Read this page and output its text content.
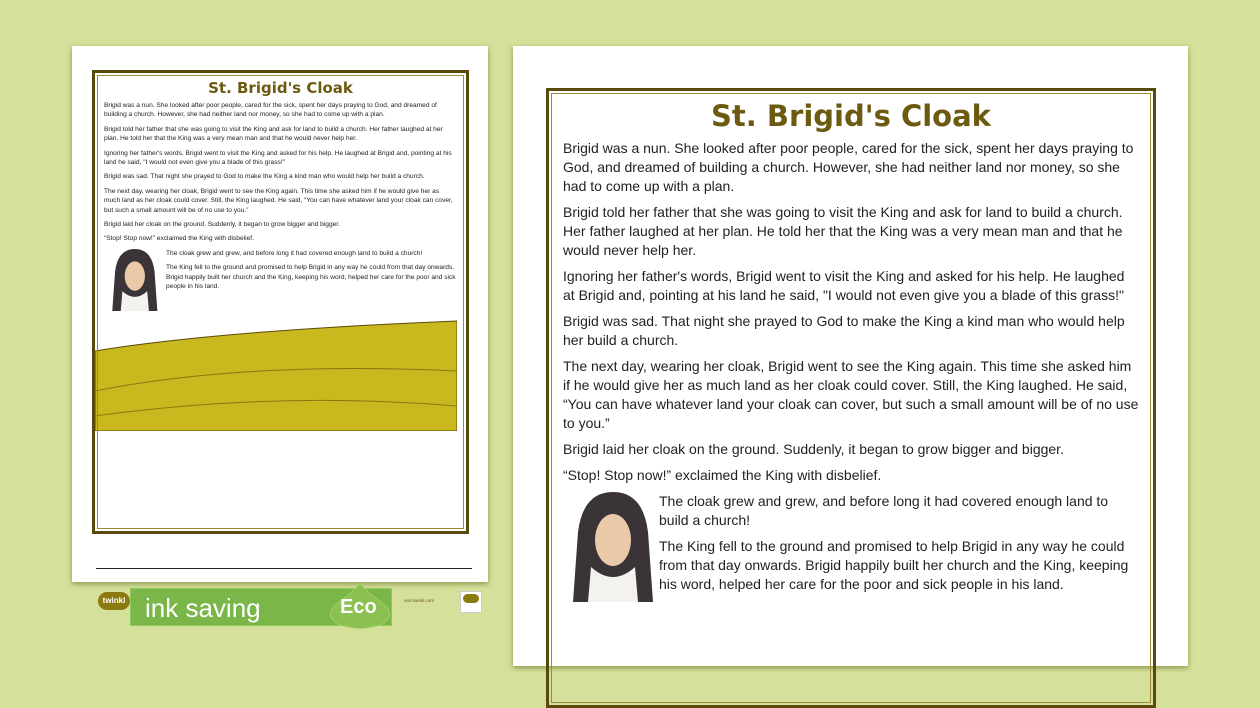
St. Brigid's Cloak
Brigid was a nun. She looked after poor people, cared for the sick, spent her days praying to God, and dreamed of building a church. However, she had neither land nor money, so she had to come up with a plan.
Brigid told her father that she was going to visit the King and ask for land to build a church. Her father laughed at her plan. He told her that the King was a very mean man and that he would never help her.
Ignoring her father's words, Brigid went to visit the King and asked for his help. He laughed at Brigid and, pointing at his land he said, "I would not even give you a blade of this grass!"
Brigid was sad. That night she prayed to God to make the King a kind man who would help her build a church.
The next day, wearing her cloak, Brigid went to see the King again. This time she asked him if he would give her as much land as her cloak could cover. Still, the King laughed. He said, “You can have whatever land your cloak can cover, but such a small amount will be of no use to you.”
Brigid laid her cloak on the ground. Suddenly, it began to grow bigger and bigger.
“Stop! Stop now!” exclaimed the King with disbelief.
The cloak grew and grew, and before long it had covered enough land to build a church!
The King fell to the ground and promised to help Brigid in any way he could from that day onwards. Brigid happily built her church and the King, keeping his word, helped her care for the poor and sick people in his land.
twinkl	visit twinkl.com
St. Brigid's Cloak
Brigid was a nun. She looked after poor people, cared for the sick, spent her days praying to God, and dreamed of building a church. However, she had neither land nor money, so she had to come up with a plan.
Brigid told her father that she was going to visit the King and ask for land to build a church. Her father laughed at her plan. He told her that the King was a very mean man and that he would never help her.
Ignoring her father's words, Brigid went to visit the King and asked for his help. He laughed at Brigid and, pointing at his land he said, "I would not even give you a blade of this grass!"
Brigid was sad. That night she prayed to God to make the King a kind man who would help her build a church.
The next day, wearing her cloak, Brigid went to see the King again. This time she asked him if he would give her as much land as her cloak could cover. Still, the King laughed. He said, “You can have whatever land your cloak can cover, but such a small amount will be of no use to you.”
Brigid laid her cloak on the ground. Suddenly, it began to grow bigger and bigger.
“Stop! Stop now!” exclaimed the King with disbelief.
The cloak grew and grew, and before long it had covered enough land to build a church!
The King fell to the ground and promised to help Brigid in any way he could from that day onwards. Brigid happily built her church and the King, keeping his word, helped her care for the poor and sick people in his land.
ink saving	Eco
